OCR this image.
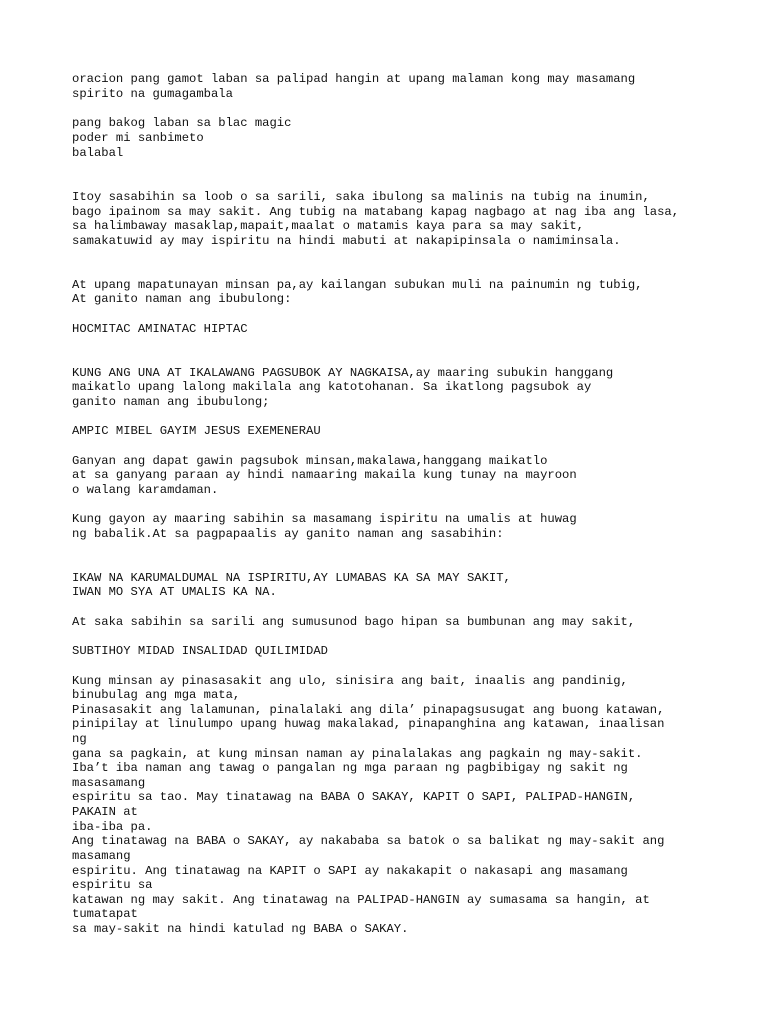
oracion pang gamot laban sa palipad hangin at upang malaman kong may masamang

spirito na gumagambala

pang bakog laban sa blac magic

poder mi sanbimeto

balabal

Itoy sasabihin sa loob o sa sarili, saka ibulong sa malinis na tubig na inumin,

bago ipainom sa may sakit. Ang tubig na matabang kapag nagbago at nag iba ang lasa,

sa halimbaway masaklap,mapait,maalat o matamis kaya para sa may sakit,

samakatuwid ay may ispiritu na hindi mabuti at nakapipinsala o namiminsala.

At upang mapatunayan minsan pa,ay kailangan subukan muli na painumin ng tubig,

At ganito naman ang ibubulong:

HOCMITAC AMINATAC HIPTAC

KUNG ANG UNA AT IKALAWANG PAGSUBOK AY NAGKAISA,ay maaring subukin hanggang

maikatlo upang lalong makilala ang katotohanan. Sa ikatlong pagsubok ay

ganito naman ang ibubulong;

AMPIC MIBEL GAYIM JESUS EXEMENERAU

Ganyan ang dapat gawin pagsubok minsan,makalawa,hanggang maikatlo

at sa ganyang paraan ay hindi namaaring makaila kung tunay na mayroon

o walang karamdaman.

Kung gayon ay maaring sabihin sa masamang ispiritu na umalis at huwag

ng babalik.At sa pagpapaalis ay ganito naman ang sasabihin:

IKAW NA KARUMALDUMAL NA ISPIRITU,AY LUMABAS KA SA MAY SAKIT,

IWAN MO SYA AT UMALIS KA NA.

At saka sabihin sa sarili ang sumusunod bago hipan sa bumbunan ang may sakit,

SUBTIHOY MIDAD INSALIDAD QUILIMIDAD

Kung minsan ay pinasasakit ang ulo, sinisira ang bait, inaalis ang pandinig,

binubulag ang mga mata,

Pinasasakit ang lalamunan, pinalalaki ang dila’ pinapagsusugat ang buong katawan,

pinipilay at linulumpo upang huwag makalakad, pinapanghina ang katawan, inaalisan

ng

gana sa pagkain, at kung minsan naman ay pinalalakas ang pagkain ng may-sakit.

Iba’t iba naman ang tawag o pangalan ng mga paraan ng pagbibigay ng sakit ng

masasamang

espiritu sa tao. May tinatawag na BABA O SAKAY, KAPIT O SAPI, PALIPAD-HANGIN,

PAKAIN at

iba-iba pa.

Ang tinatawag na BABA o SAKAY, ay nakababa sa batok o sa balikat ng may-sakit ang

masamang

espiritu. Ang tinatawag na KAPIT o SAPI ay nakakapit o nakasapi ang masamang

espiritu sa

katawan ng may sakit. Ang tinatawag na PALIPAD-HANGIN ay sumasama sa hangin, at

tumatapat

sa may-sakit na hindi katulad ng BABA o SAKAY.
